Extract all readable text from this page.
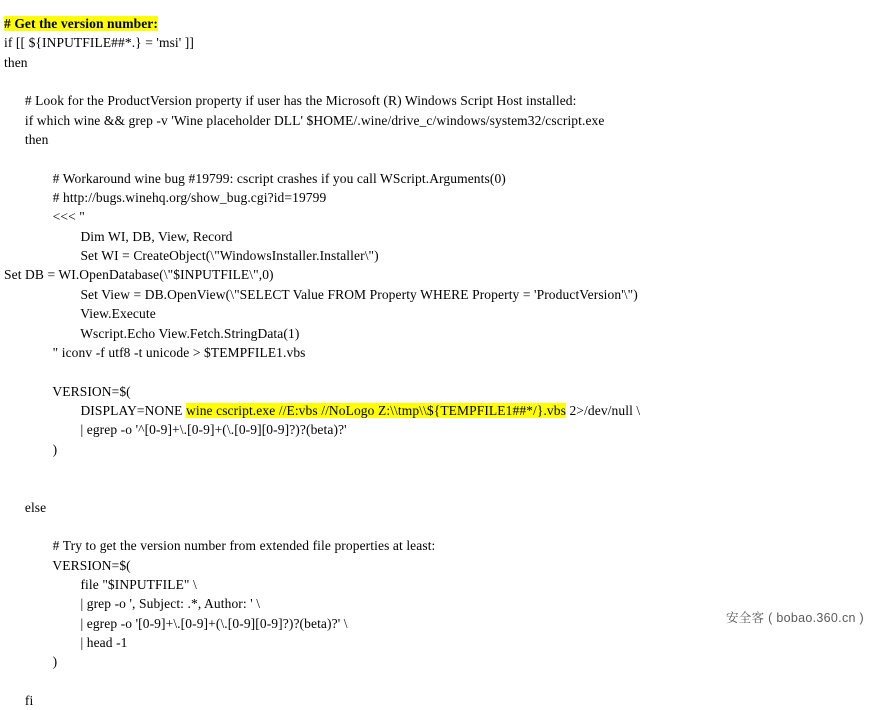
# Get the version number:
if [[ ${INPUTFILE##*.} = 'msi' ]]
then

# Look for the ProductVersion property if user has the Microsoft (R) Windows Script Host installed:
if which wine && grep -v 'Wine placeholder DLL' $HOME/.wine/drive_c/windows/system32/cscript.exe
then

# Workaround wine bug #19799: cscript crashes if you call WScript.Arguments(0)
# http://bugs.winehq.org/show_bug.cgi?id=19799
<<< "
Dim WI, DB, View, Record
Set WI = CreateObject(\"WindowsInstaller.Installer\")
Set DB = WI.OpenDatabase(\"$INPUTFILE\",0)
Set View = DB.OpenView(\"SELECT Value FROM Property WHERE Property = 'ProductVersion'\")
View.Execute
Wscript.Echo View.Fetch.StringData(1)
" iconv -f utf8 -t unicode > $TEMPFILE1.vbs

VERSION=$(
DISPLAY=NONE wine cscript.exe //E:vbs //NoLogo Z:\\tmp\\${TEMPFILE1##*/}.vbs 2>/dev/null \
| egrep -o '^[0-9]+\.[0-9]+(\.[0-9][0-9]?)?(beta)?'
)

else

# Try to get the version number from extended file properties at least:
VERSION=$(
file "$INPUTFILE" \
| grep -o ', Subject: .*, Author: ' \
| egrep -o '[0-9]+\.[0-9]+(\.[0-9][0-9]?)?(beta)?' \
| head -1
)

fi
安全客 ( bobao.360.cn )
